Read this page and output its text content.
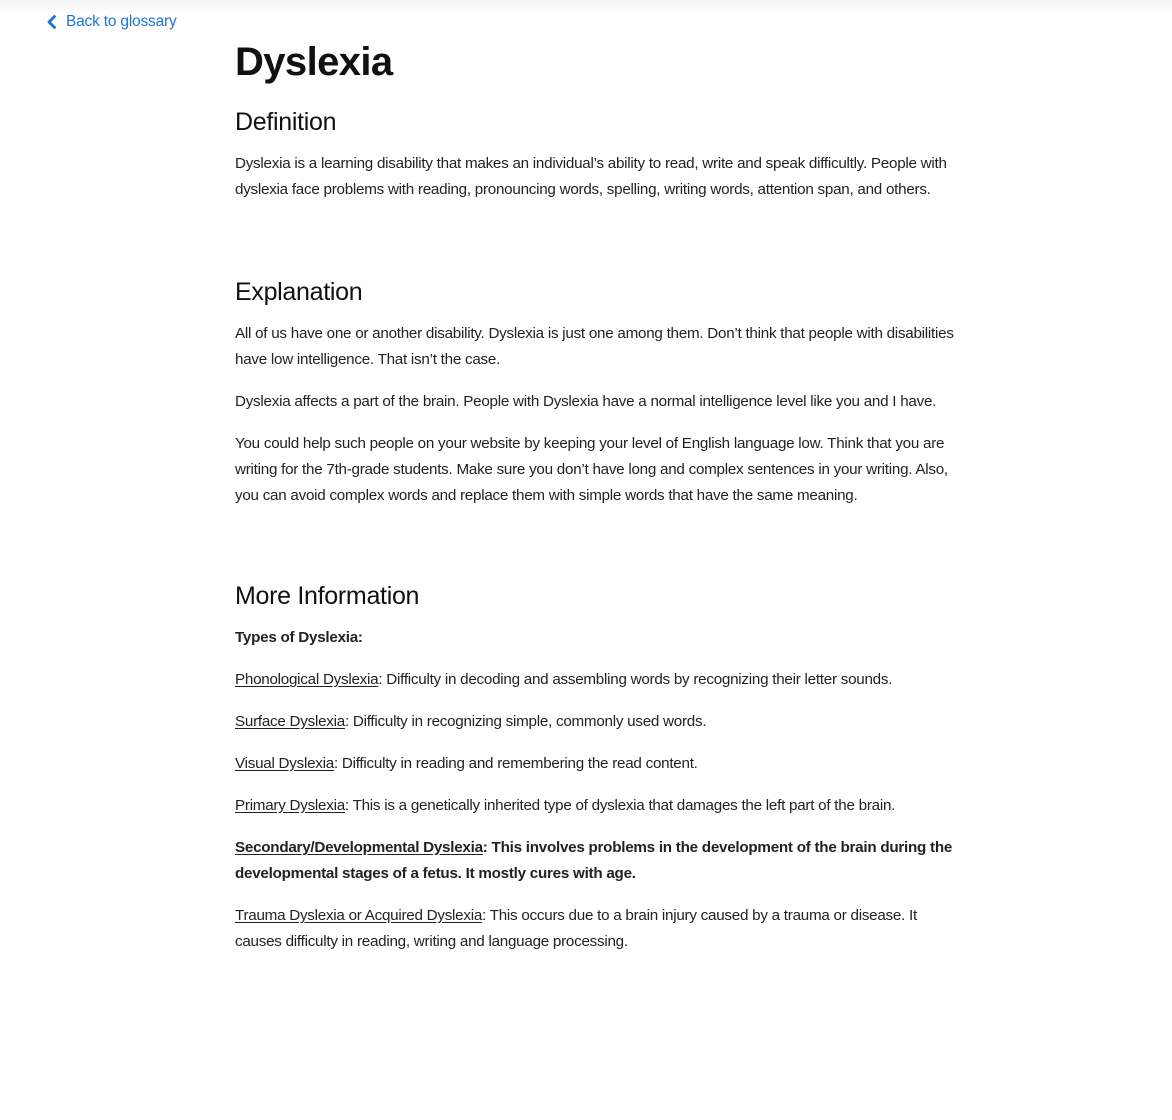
Back to glossary
Dyslexia
Definition

Dyslexia is a learning disability that makes an individual’s ability to read, write and speak difficultly. People with dyslexia face problems with reading, pronouncing words, spelling, writing words, attention span, and others.

Explanation

All of us have one or another disability. Dyslexia is just one among them. Don’t think that people with disabilities have low intelligence. That isn’t the case.

Dyslexia affects a part of the brain. People with Dyslexia have a normal intelligence level like you and I have.

You could help such people on your website by keeping your level of English language low. Think that you are writing for the 7th-grade students. Make sure you don’t have long and complex sentences in your writing. Also, you can avoid complex words and replace them with simple words that have the same meaning.

More Information

Types of Dyslexia:

Phonological Dyslexia: Difficulty in decoding and assembling words by recognizing their letter sounds.

Surface Dyslexia: Difficulty in recognizing simple, commonly used words.

Visual Dyslexia: Difficulty in reading and remembering the read content.

Primary Dyslexia: This is a genetically inherited type of dyslexia that damages the left part of the brain.

Secondary/Developmental Dyslexia: This involves problems in the development of the brain during the developmental stages of a fetus. It mostly cures with age.

Trauma Dyslexia or Acquired Dyslexia: This occurs due to a brain injury caused by a trauma or disease. It causes difficulty in reading, writing and language processing.
